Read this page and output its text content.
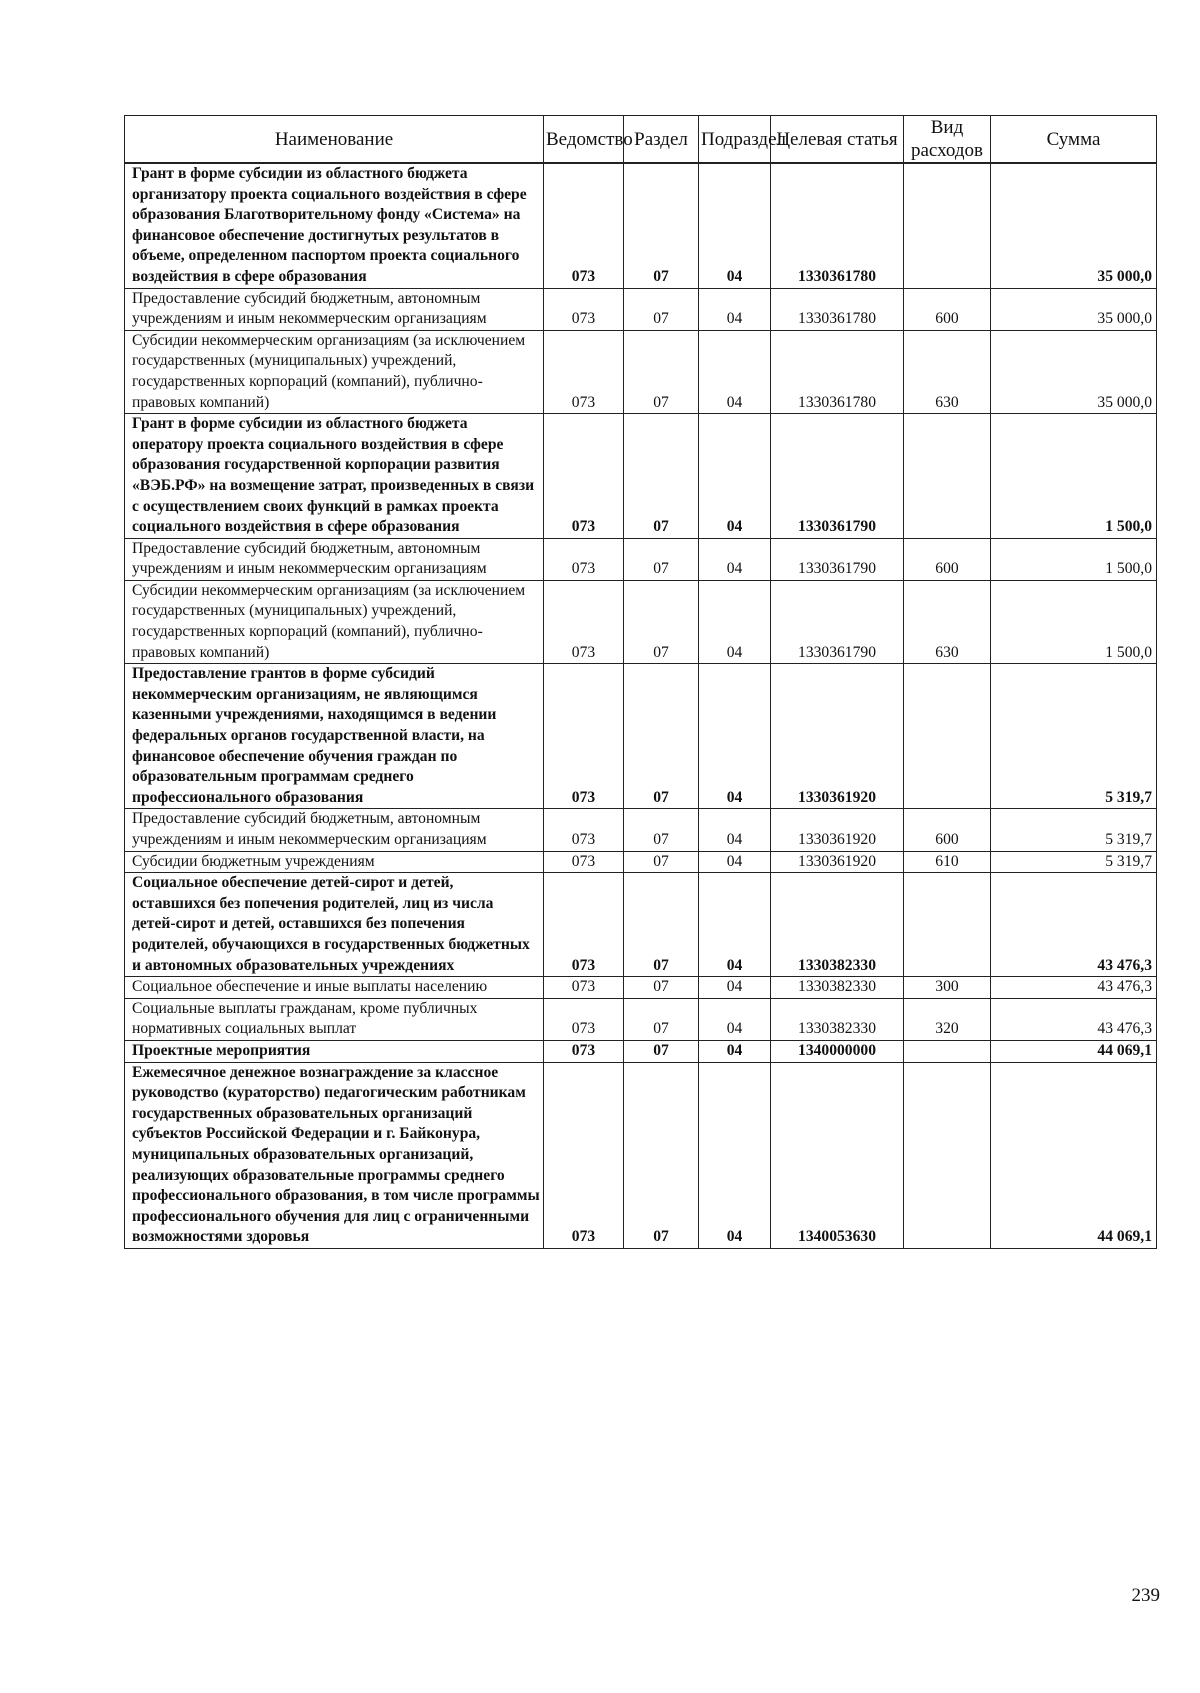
Наименование	Ведомство	Раздел	Подраздел	Целевая статья	Вид расходов	Сумма
Грант в форме субсидии из областного бюджета организатору проекта социального воздействия в сфере образования Благотворительному фонду «Система» на финансовое обеспечение достигнутых результатов в объеме, определенном паспортом проекта социального воздействия в сфере образования	073	07	04	1330361780		35 000,0
Предоставление субсидий бюджетным, автономным учреждениям и иным некоммерческим организациям	073	07	04	1330361780	600	35 000,0
Субсидии некоммерческим организациям (за исключением государственных (муниципальных) учреждений, государственных корпораций (компаний), публично-правовых компаний)	073	07	04	1330361780	630	35 000,0
Грант в форме субсидии из областного бюджета оператору проекта социального воздействия в сфере образования государственной корпорации развития «ВЭБ.РФ» на возмещение затрат, произведенных в связи с осуществлением своих функций в рамках проекта социального воздействия в сфере образования	073	07	04	1330361790		1 500,0
Предоставление субсидий бюджетным, автономным учреждениям и иным некоммерческим организациям	073	07	04	1330361790	600	1 500,0
Субсидии некоммерческим организациям (за исключением государственных (муниципальных) учреждений, государственных корпораций (компаний), публично-правовых компаний)	073	07	04	1330361790	630	1 500,0
Предоставление грантов в форме субсидий некоммерческим организациям, не являющимся казенными учреждениями, находящимся в ведении федеральных органов государственной власти, на финансовое обеспечение обучения граждан по образовательным программам среднего профессионального образования	073	07	04	1330361920		5 319,7
Предоставление субсидий бюджетным, автономным учреждениям и иным некоммерческим организациям	073	07	04	1330361920	600	5 319,7
Субсидии бюджетным учреждениям	073	07	04	1330361920	610	5 319,7
Социальное обеспечение детей-сирот и детей, оставшихся без попечения родителей, лиц из числа детей-сирот и детей, оставшихся без попечения родителей, обучающихся в государственных бюджетных и автономных образовательных учреждениях	073	07	04	1330382330		43 476,3
Социальное обеспечение и иные выплаты населению	073	07	04	1330382330	300	43 476,3
Социальные выплаты гражданам, кроме публичных нормативных социальных выплат	073	07	04	1330382330	320	43 476,3
Проектные мероприятия	073	07	04	1340000000		44 069,1
Ежемесячное денежное вознаграждение за классное руководство (кураторство) педагогическим работникам государственных образовательных организаций субъектов Российской Федерации и г. Байконура, муниципальных образовательных организаций, реализующих образовательные программы среднего профессионального образования, в том числе программы профессионального обучения для лиц с ограниченными возможностями здоровья	073	07	04	1340053630		44 069,1
239
